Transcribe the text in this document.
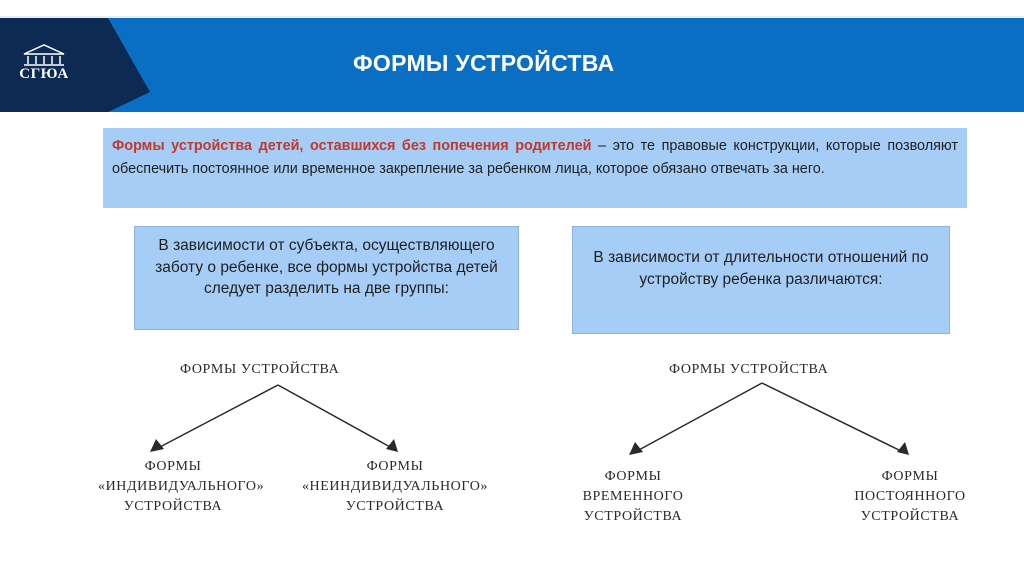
СГЮА	ФОРМЫ УСТРОЙСТВА
Формы устройства детей, оставшихся без попечения родителей – это те правовые конструкции, которые позволяют обеспечить постоянное или временное закрепление за ребенком лица, которое обязано отвечать за него.
В зависимости от субъекта, осуществляющего заботу о ребенке, все формы устройства детей следует разделить на две группы:
В зависимости от длительности отношений по устройству ребенка различаются:
ФОРМЫ УСТРОЙСТВА
ФОРМЫ
«ИНДИВИДУАЛЬНОГО»
УСТРОЙСТВА
ФОРМЫ
«НЕИНДИВИДУАЛЬНОГО»
УСТРОЙСТВА
ФОРМЫ УСТРОЙСТВА
ФОРМЫ
ВРЕМЕННОГО
УСТРОЙСТВА
ФОРМЫ
ПОСТОЯННОГО
УСТРОЙСТВА
